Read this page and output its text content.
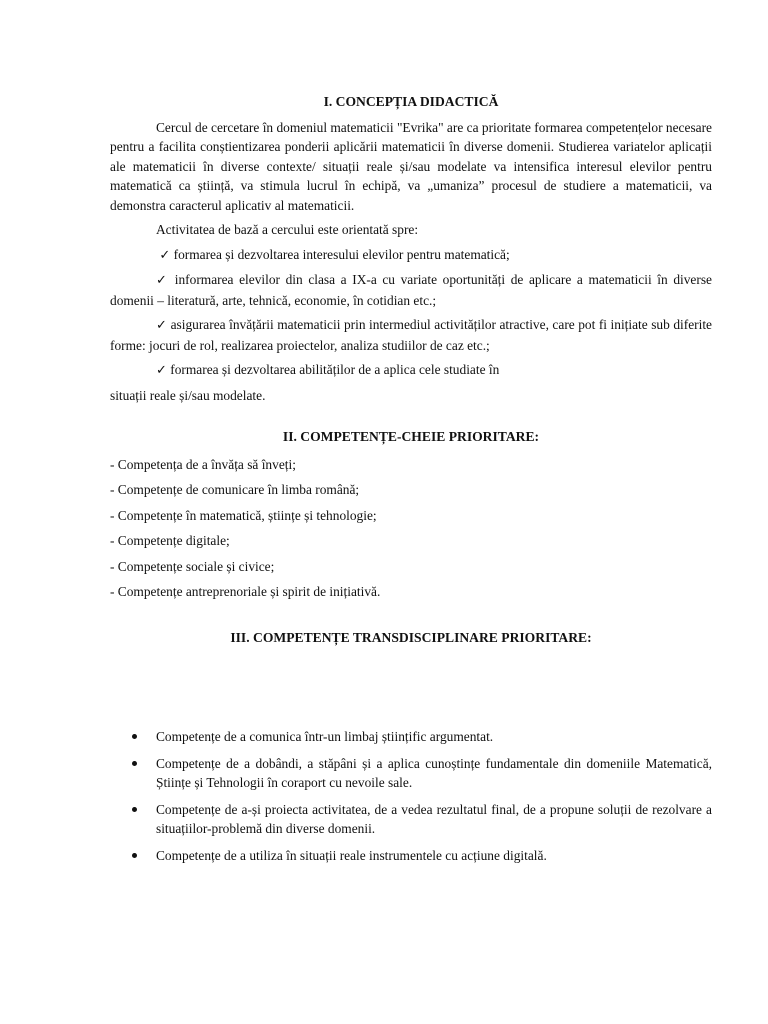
I. CONCEPȚIA DIDACTICĂ

Cercul de cercetare în domeniul matematicii "Evrika" are ca prioritate formarea competențelor necesare pentru a facilita conștientizarea ponderii aplicării matematicii în diverse domenii. Studierea variatelor aplicații ale matematicii în diverse contexte/ situații reale și/sau modelate va intensifica interesul elevilor pentru matematică ca știință, va stimula lucrul în echipă, va „umaniza” procesul de studiere a matematicii, va demonstra caracterul aplicativ al matematicii.

Activitatea de bază a cercului este orientată spre:

✓ formarea și dezvoltarea interesului elevilor pentru matematică;

✓ informarea elevilor din clasa a IX-a cu variate oportunități de aplicare a matematicii în diverse domenii – literatură, arte, tehnică, economie, în cotidian etc.;

✓ asigurarea învățării matematicii prin intermediul activităților atractive, care pot fi inițiate sub diferite forme: jocuri de rol, realizarea proiectelor, analiza studiilor de caz etc.;

✓ formarea și dezvoltarea abilităților de a aplica cele studiate în

situații reale și/sau modelate.

II. COMPETENȚE-CHEIE PRIORITARE:
- Competența de a învăța să înveți;
- Competențe de comunicare în limba română;
- Competențe în matematică, științe și tehnologie;
- Competențe digitale;
- Competențe sociale și civice;
- Competențe antreprenoriale și spirit de inițiativă.
III. COMPETENȚE TRANSDISCIPLINARE PRIORITARE:
Competențe de a comunica într-un limbaj științific argumentat.
Competențe de a dobândi, a stăpâni și a aplica cunoștințe fundamentale din domeniile Matematică, Științe și Tehnologii în coraport cu nevoile sale.
Competențe de a-și proiecta activitatea, de a vedea rezultatul final, de a propune soluții de rezolvare a situațiilor-problemă din diverse domenii.
Competențe de a utiliza în situații reale instrumentele cu acțiune digitală.
